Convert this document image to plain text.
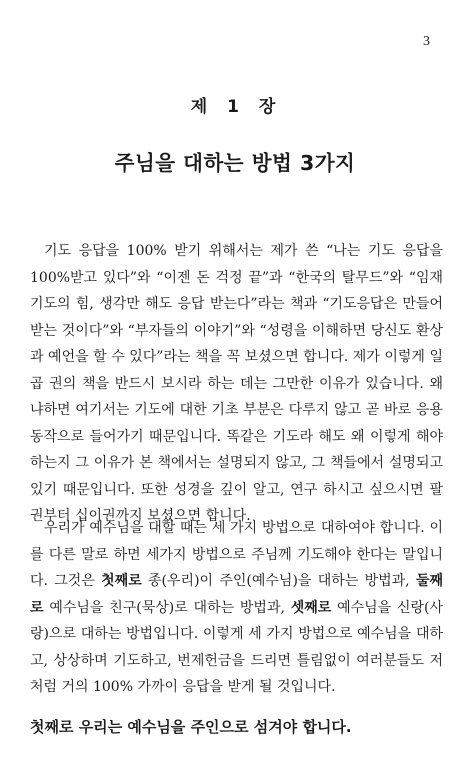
3
제 1 장
주님을 대하는 방법 3가지

기도 응답을 100% 받기 위해서는 제가 쓴 “나는 기도 응답을 100%받고 있다”와 “이젠 돈 걱정 끝”과 “한국의 탈무드”와 “임재기도의 힘, 생각만 해도 응답 받는다”라는 책과 “기도응답은 만들어 받는 것이다”와 “부자들의 이야기”와 “성령을 이해하면 당신도 환상과 예언을 할 수 있다”라는 책을 꼭 보셨으면 합니다. 제가 이렇게 일곱 권의 책을 반드시 보시라 하는 데는 그만한 이유가 있습니다. 왜냐하면 여기서는 기도에 대한 기초 부분은 다루지 않고 곧 바로 응용동작으로 들어가기 때문입니다. 똑같은 기도라 해도 왜 이렇게 해야 하는지 그 이유가 본 책에서는 설명되지 않고, 그 책들에서 설명되고 있기 때문입니다. 또한 성경을 깊이 알고, 연구 하시고 싶으시면 팔권부터 십이권까지 보셨으면 합니다.

우리가 예수님을 대할 때는 세 가지 방법으로 대하여야 합니다. 이를 다른 말로 하면 세가지 방법으로 주님께 기도해야 한다는 말입니다. 그것은 첫째로 종(우리)이 주인(예수님)을 대하는 방법과, 둘째로 예수님을 친구(묵상)로 대하는 방법과, 셋째로 예수님을 신랑(사랑)으로 대하는 방법입니다. 이렇게 세 가지 방법으로 예수님을 대하고, 상상하며 기도하고, 번제헌금을 드리면 틀림없이 여러분들도 저처럼 거의 100% 가까이 응답을 받게 될 것입니다.

첫째로 우리는 예수님을 주인으로 섬겨야 합니다.
